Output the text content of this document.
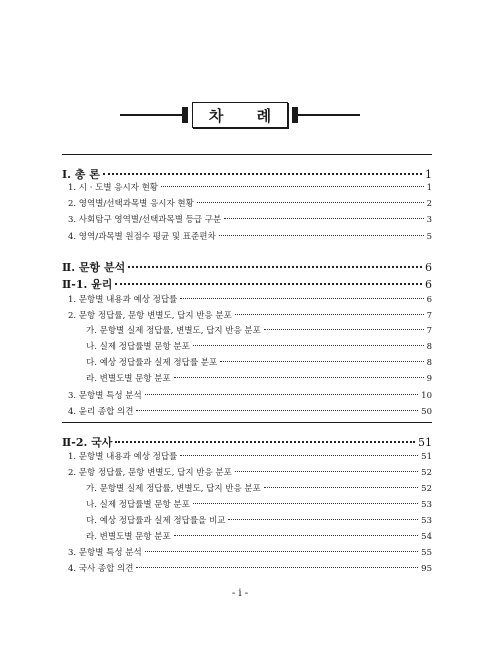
차 례
Ⅰ. 총 론	1
1. 시 · 도별 응시자 현황	1
2. 영역별/선택과목별 응시자 현황	2
3. 사회탐구 영역별/선택과목별 등급 구분	3
4. 영역/과목별 원점수 평균 및 표준편차	5
Ⅱ. 문항 분석	6
Ⅱ-1. 윤리	6
1. 문항별 내용과 예상 정답률	6
2. 문항 정답률, 문항 변별도, 답지 반응 분포	7
가. 문항별 실제 정답률, 변별도, 답지 반응 분포	7
나. 실제 정답률별 문항 분포	8
다. 예상 정답률과 실제 정답률 분포	8
라. 변별도별 문항 분포	9
3. 문항별 특성 분석	10
4. 윤리 종합 의견	50
Ⅱ-2. 국사	51
1. 문항별 내용과 예상 정답률	51
2. 문항 정답률, 문항 변별도, 답지 반응 분포	52
가. 문항별 실제 정답률, 변별도, 답지 반응 분포	52
나. 실제 정답률별 문항 분포	53
다. 예상 정답률과 실제 정답률을 비교	53
라. 변별도별 문항 분포	54
3. 문항별 특성 분석	55
4. 국사 종합 의견	95
- i -
